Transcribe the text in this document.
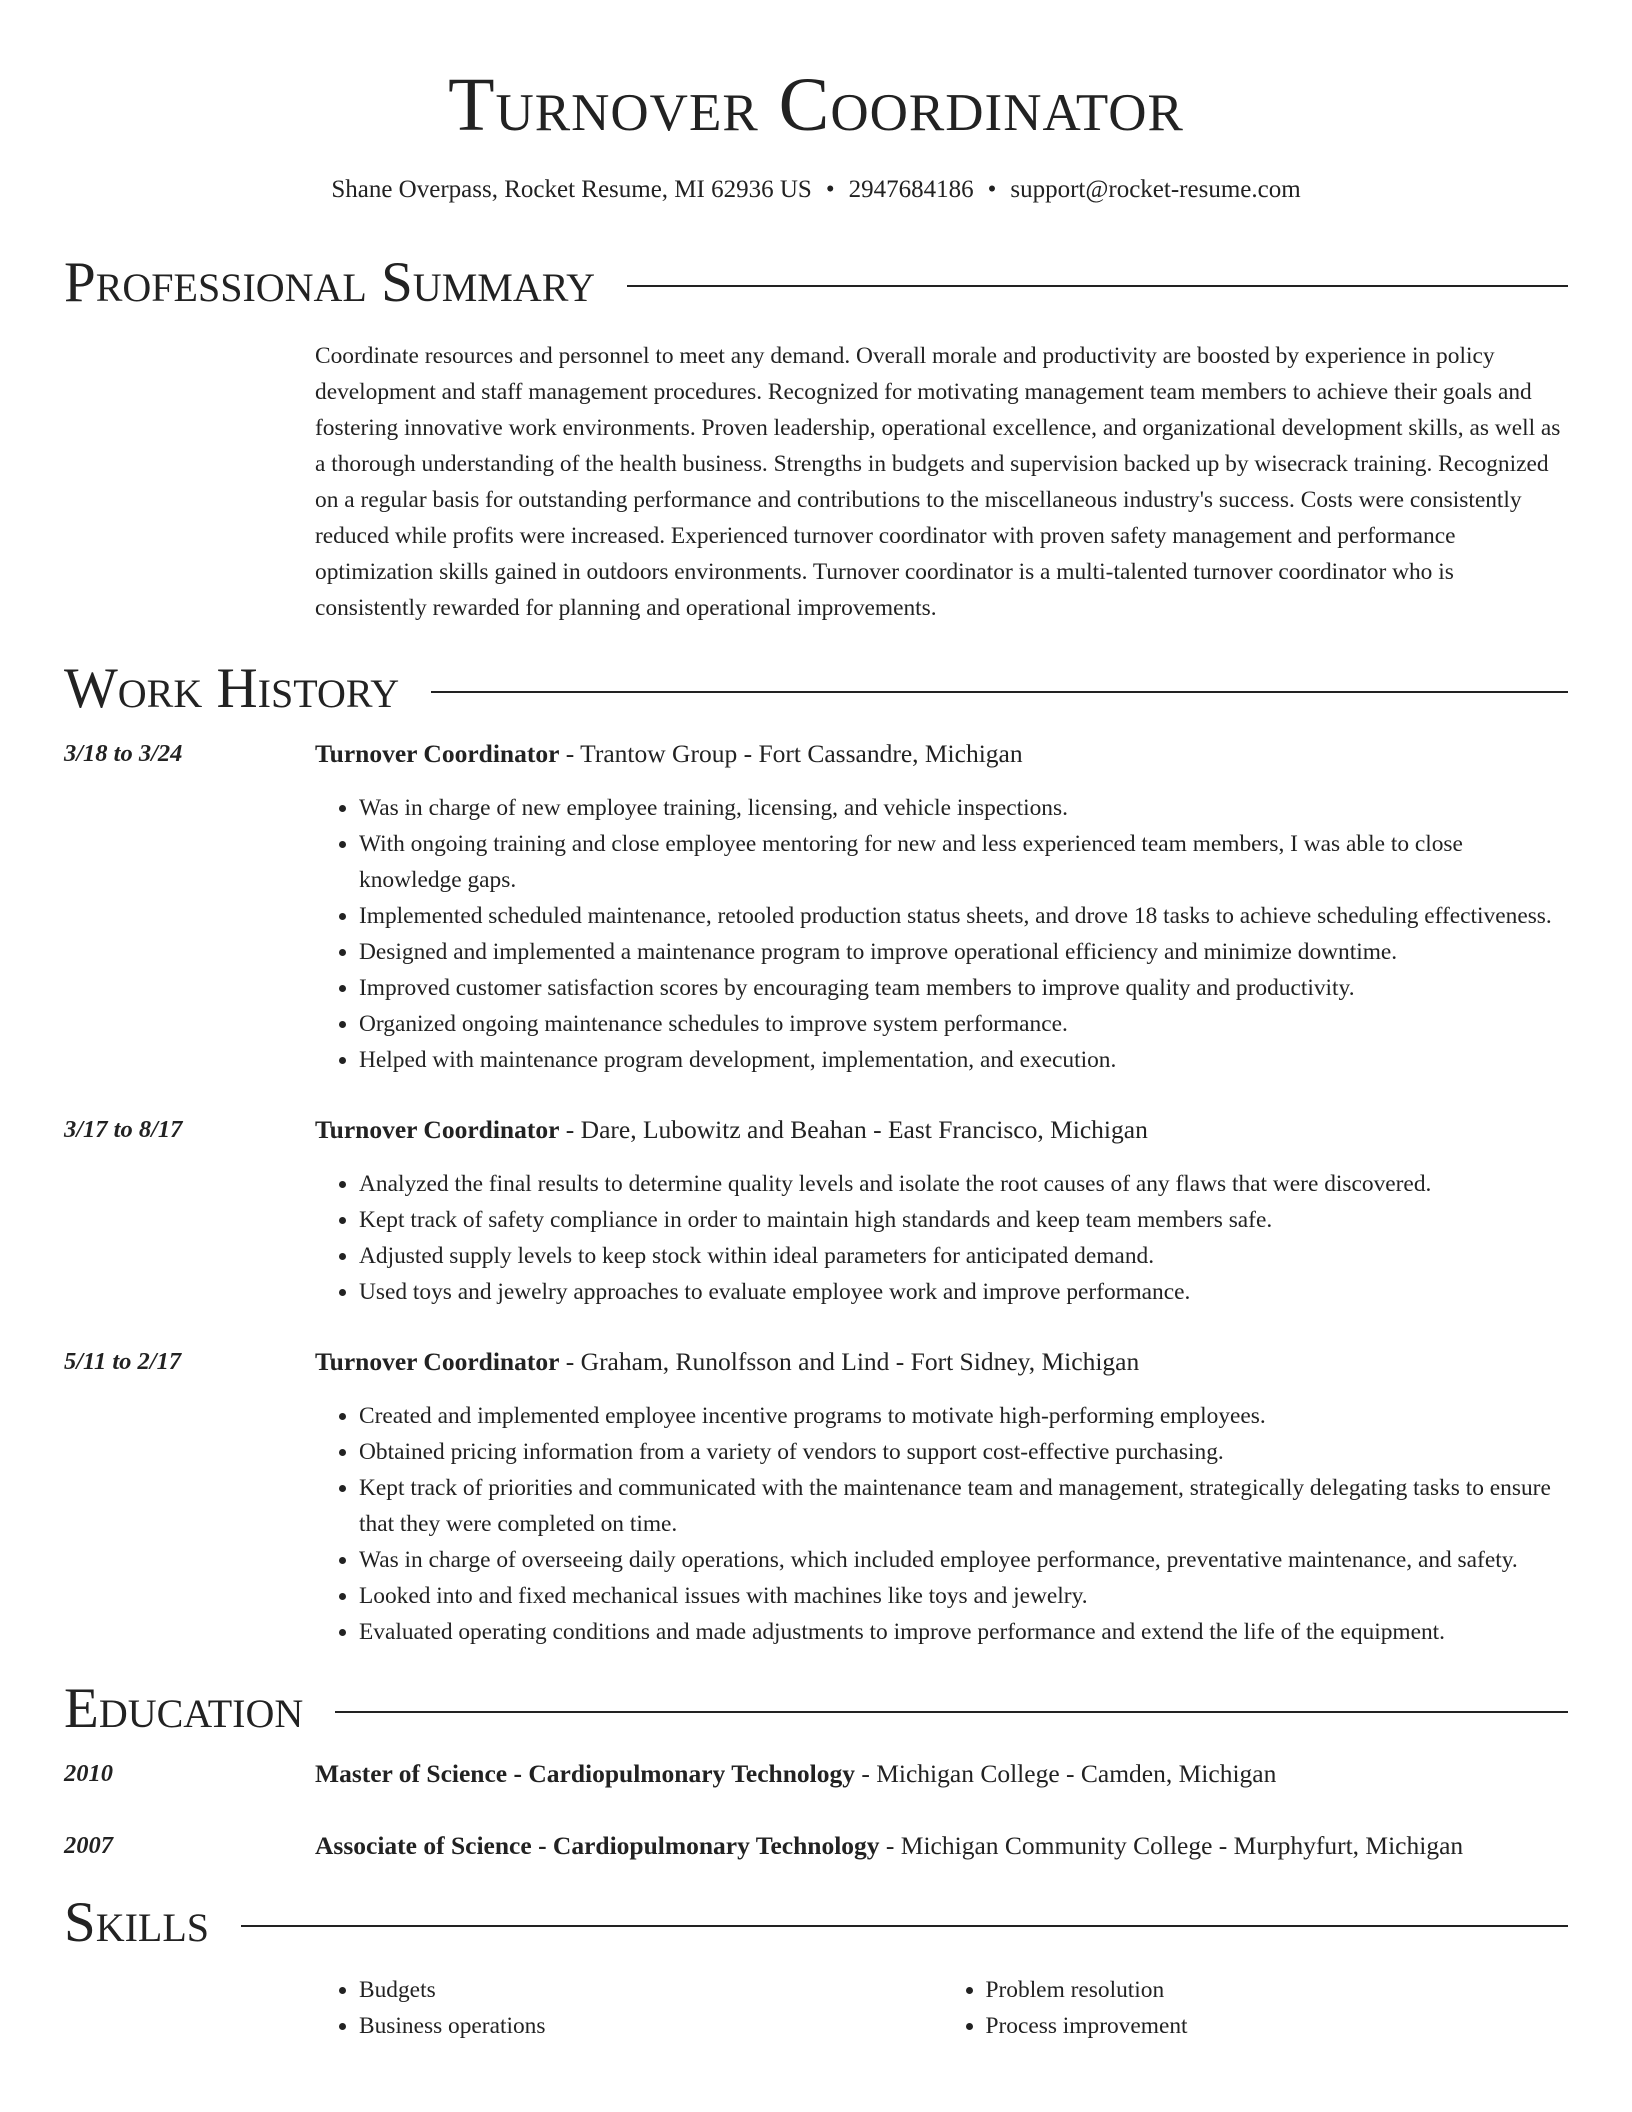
Turnover Coordinator
Shane Overpass, Rocket Resume, MI 62936 US • 2947684186 • support@rocket-resume.com
Professional Summary
Coordinate resources and personnel to meet any demand. Overall morale and productivity are boosted by experience in policy development and staff management procedures. Recognized for motivating management team members to achieve their goals and fostering innovative work environments. Proven leadership, operational excellence, and organizational development skills, as well as a thorough understanding of the health business. Strengths in budgets and supervision backed up by wisecrack training. Recognized on a regular basis for outstanding performance and contributions to the miscellaneous industry's success. Costs were consistently reduced while profits were increased. Experienced turnover coordinator with proven safety management and performance optimization skills gained in outdoors environments. Turnover coordinator is a multi-talented turnover coordinator who is consistently rewarded for planning and operational improvements.
Work History
3/18 to 3/24	Turnover Coordinator - Trantow Group - Fort Cassandre, Michigan
• Was in charge of new employee training, licensing, and vehicle inspections.
• With ongoing training and close employee mentoring for new and less experienced team members, I was able to close knowledge gaps.
• Implemented scheduled maintenance, retooled production status sheets, and drove 18 tasks to achieve scheduling effectiveness.
• Designed and implemented a maintenance program to improve operational efficiency and minimize downtime.
• Improved customer satisfaction scores by encouraging team members to improve quality and productivity.
• Organized ongoing maintenance schedules to improve system performance.
• Helped with maintenance program development, implementation, and execution.
3/17 to 8/17	Turnover Coordinator - Dare, Lubowitz and Beahan - East Francisco, Michigan
• Analyzed the final results to determine quality levels and isolate the root causes of any flaws that were discovered.
• Kept track of safety compliance in order to maintain high standards and keep team members safe.
• Adjusted supply levels to keep stock within ideal parameters for anticipated demand.
• Used toys and jewelry approaches to evaluate employee work and improve performance.
5/11 to 2/17	Turnover Coordinator - Graham, Runolfsson and Lind - Fort Sidney, Michigan
• Created and implemented employee incentive programs to motivate high-performing employees.
• Obtained pricing information from a variety of vendors to support cost-effective purchasing.
• Kept track of priorities and communicated with the maintenance team and management, strategically delegating tasks to ensure that they were completed on time.
• Was in charge of overseeing daily operations, which included employee performance, preventative maintenance, and safety.
• Looked into and fixed mechanical issues with machines like toys and jewelry.
• Evaluated operating conditions and made adjustments to improve performance and extend the life of the equipment.
Education
2010	Master of Science - Cardiopulmonary Technology - Michigan College - Camden, Michigan
2007	Associate of Science - Cardiopulmonary Technology - Michigan Community College - Murphyfurt, Michigan
Skills
• Budgets
• Business operations
• Problem resolution
• Process improvement
